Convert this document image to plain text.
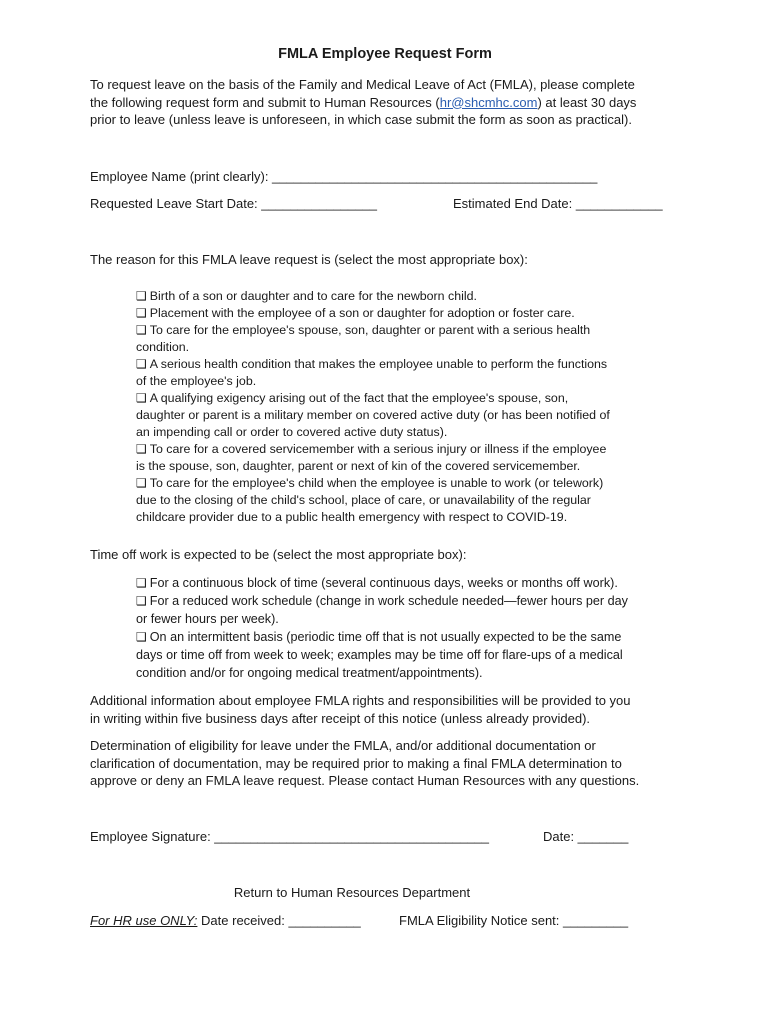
FMLA Employee Request Form
To request leave on the basis of the Family and Medical Leave of Act (FMLA), please complete
the following request form and submit to Human Resources (hr@shcmhc.com) at least 30 days
prior to leave (unless leave is unforeseen, in which case submit the form as soon as practical).
Employee Name (print clearly): _____________________________________________
Requested Leave Start Date: ________________	Estimated End Date: ____________
The reason for this FMLA leave request is (select the most appropriate box):
❑ Birth of a son or daughter and to care for the newborn child.
❑ Placement with the employee of a son or daughter for adoption or foster care.
❑ To care for the employee's spouse, son, daughter or parent with a serious health
condition.
❑ A serious health condition that makes the employee unable to perform the functions
of the employee's job.
❑ A qualifying exigency arising out of the fact that the employee's spouse, son,
daughter or parent is a military member on covered active duty (or has been notified of
an impending call or order to covered active duty status).
❑ To care for a covered servicemember with a serious injury or illness if the employee
is the spouse, son, daughter, parent or next of kin of the covered servicemember.
❑ To care for the employee's child when the employee is unable to work (or telework)
due to the closing of the child's school, place of care, or unavailability of the regular
childcare provider due to a public health emergency with respect to COVID-19.
Time off work is expected to be (select the most appropriate box):
❑ For a continuous block of time (several continuous days, weeks or months off work).
❑ For a reduced work schedule (change in work schedule needed—fewer hours per day
or fewer hours per week).
❑ On an intermittent basis (periodic time off that is not usually expected to be the same
days or time off from week to week; examples may be time off for flare-ups of a medical
condition and/or for ongoing medical treatment/appointments).
Additional information about employee FMLA rights and responsibilities will be provided to you
in writing within five business days after receipt of this notice (unless already provided).
Determination of eligibility for leave under the FMLA, and/or additional documentation or
clarification of documentation, may be required prior to making a final FMLA determination to
approve or deny an FMLA leave request. Please contact Human Resources with any questions.
Employee Signature: ______________________________________	Date: _______
Return to Human Resources Department
For HR use ONLY: Date received: __________	FMLA Eligibility Notice sent: _________
